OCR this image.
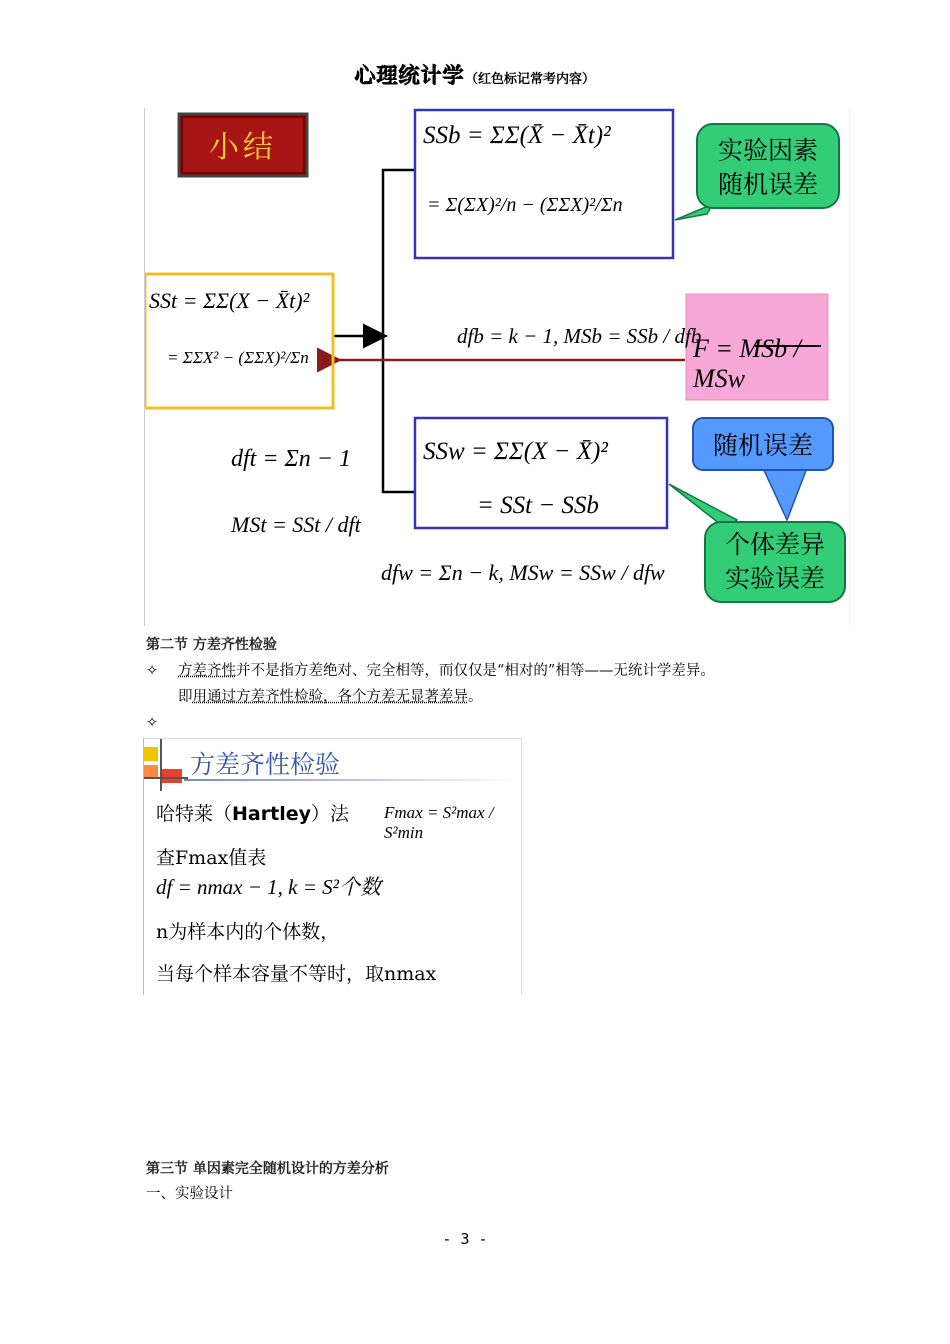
心理统计学（红色标记常考内容）
小结	SSb = ΣΣ(X̄ − X̄t)²
= Σ(ΣX)²/n − (ΣΣX)²/Σn
SSt = ΣΣ(X − X̄t)²
= ΣΣX² − (ΣΣX)²/Σn
SSw = ΣΣ(X − X̄)²
= SSt − SSb
dfb = k − 1, MSb = SSb / dfb
F = MSb / MSw
dft = Σn − 1
MSt = SSt / dft
dfw = Σn − k, MSw = SSw / dfw
实验因素
随机误差
随机误差
个体差异
实验误差
第二节 方差齐性检验
✧ 方差齐性并不是指方差绝对、完全相等，而仅仅是“相对的”相等——无统计学差异。
即用通过方差齐性检验，各个方差无显著差异。
✧
方差齐性检验
哈特莱（Hartley）法 Fmax = S²max / S²min
查Fmax值表
df = nmax − 1, k = S²个数
n为样本内的个体数，
当每个样本容量不等时，取nmax
第三节 单因素完全随机设计的方差分析
一、实验设计
- 3 -
